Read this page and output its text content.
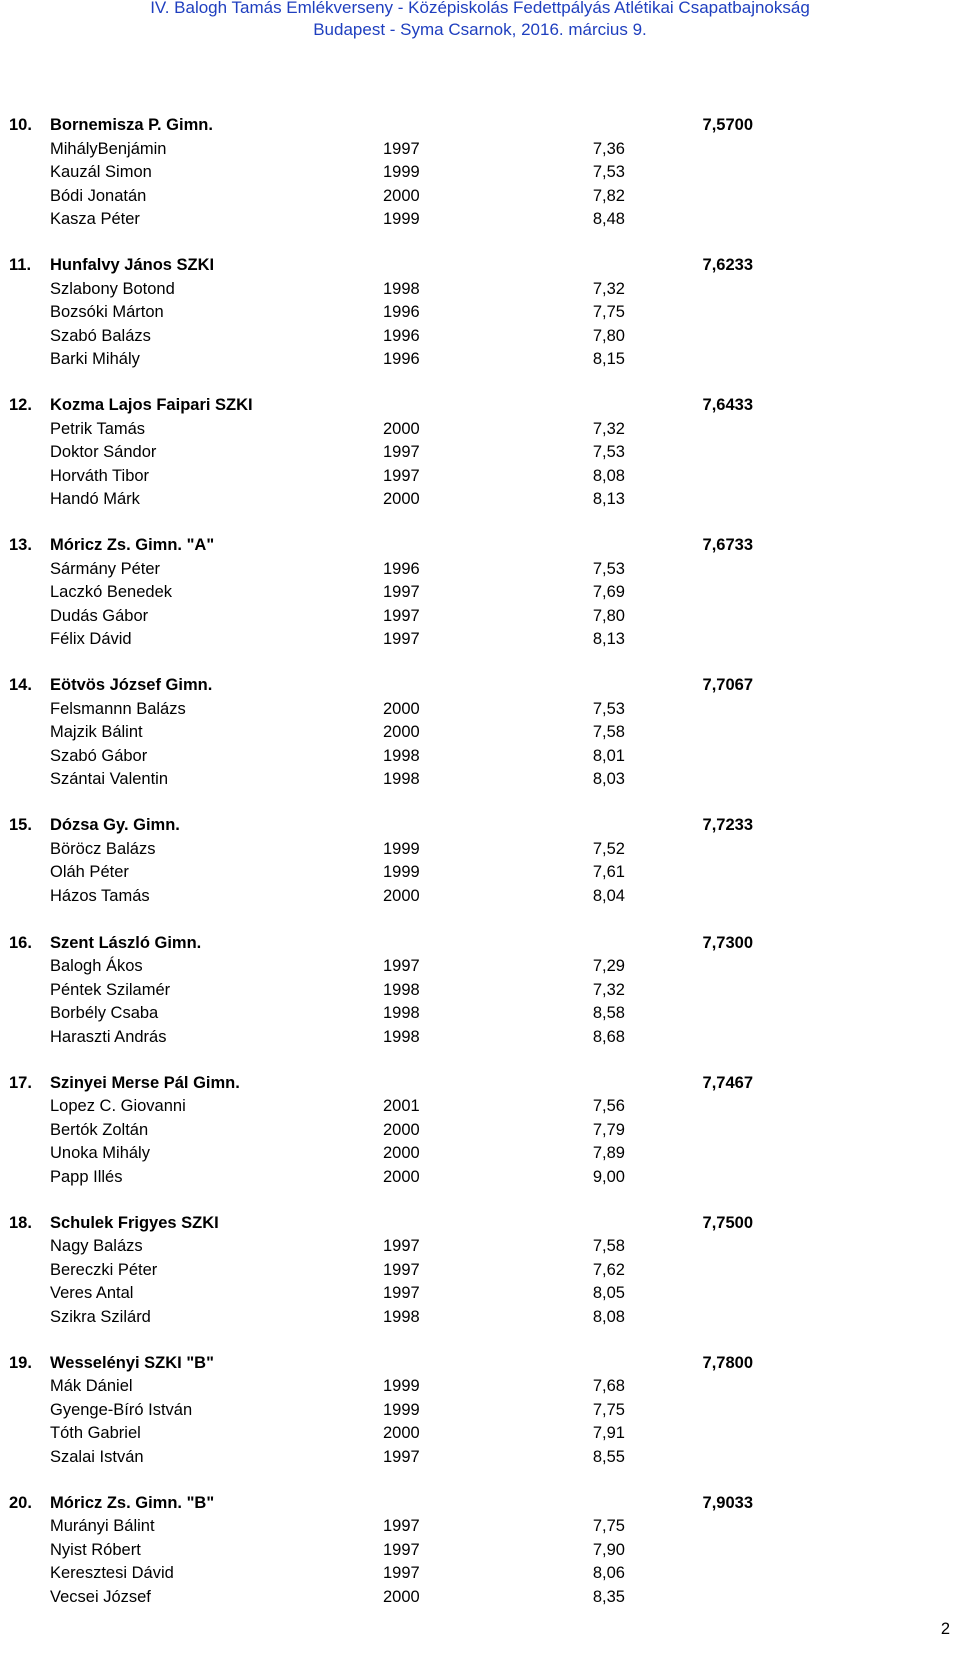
IV. Balogh Tamás Emlékverseny - Középiskolás Fedettpályás Atlétikai Csapatbajnokság
Budapest - Syma Csarnok, 2016. március 9.
10. Bornemisza P. Gimn.	7,5700
MihályBenjámin	1997	7,36
Kauzál Simon	1999	7,53
Bódi Jonatán	2000	7,82
Kasza Péter	1999	8,48
11. Hunfalvy János SZKI	7,6233
Szlabony Botond	1998	7,32
Bozsóki Márton	1996	7,75
Szabó Balázs	1996	7,80
Barki Mihály	1996	8,15
12. Kozma Lajos Faipari SZKI	7,6433
Petrik Tamás	2000	7,32
Doktor Sándor	1997	7,53
Horváth Tibor	1997	8,08
Handó Márk	2000	8,13
13. Móricz Zs. Gimn. "A"	7,6733
Sármány Péter	1996	7,53
Laczkó Benedek	1997	7,69
Dudás Gábor	1997	7,80
Félix Dávid	1997	8,13
14. Eötvös József Gimn.	7,7067
Felsmannn Balázs	2000	7,53
Majzik Bálint	2000	7,58
Szabó Gábor	1998	8,01
Szántai Valentin	1998	8,03
15. Dózsa Gy. Gimn.	7,7233
Böröcz Balázs	1999	7,52
Oláh Péter	1999	7,61
Házos Tamás	2000	8,04
16. Szent László Gimn.	7,7300
Balogh Ákos	1997	7,29
Péntek Szilamér	1998	7,32
Borbély Csaba	1998	8,58
Haraszti András	1998	8,68
17. Szinyei Merse Pál Gimn.	7,7467
Lopez C. Giovanni	2001	7,56
Bertók Zoltán	2000	7,79
Unoka Mihály	2000	7,89
Papp Illés	2000	9,00
18. Schulek Frigyes SZKI	7,7500
Nagy Balázs	1997	7,58
Bereczki Péter	1997	7,62
Veres Antal	1997	8,05
Szikra Szilárd	1998	8,08
19. Wesselényi SZKI "B"	7,7800
Mák Dániel	1999	7,68
Gyenge-Bíró István	1999	7,75
Tóth Gabriel	2000	7,91
Szalai István	1997	8,55
20. Móricz Zs. Gimn. "B"	7,9033
Murányi Bálint	1997	7,75
Nyist Róbert	1997	7,90
Keresztesi Dávid	1997	8,06
Vecsei József	2000	8,35
2
